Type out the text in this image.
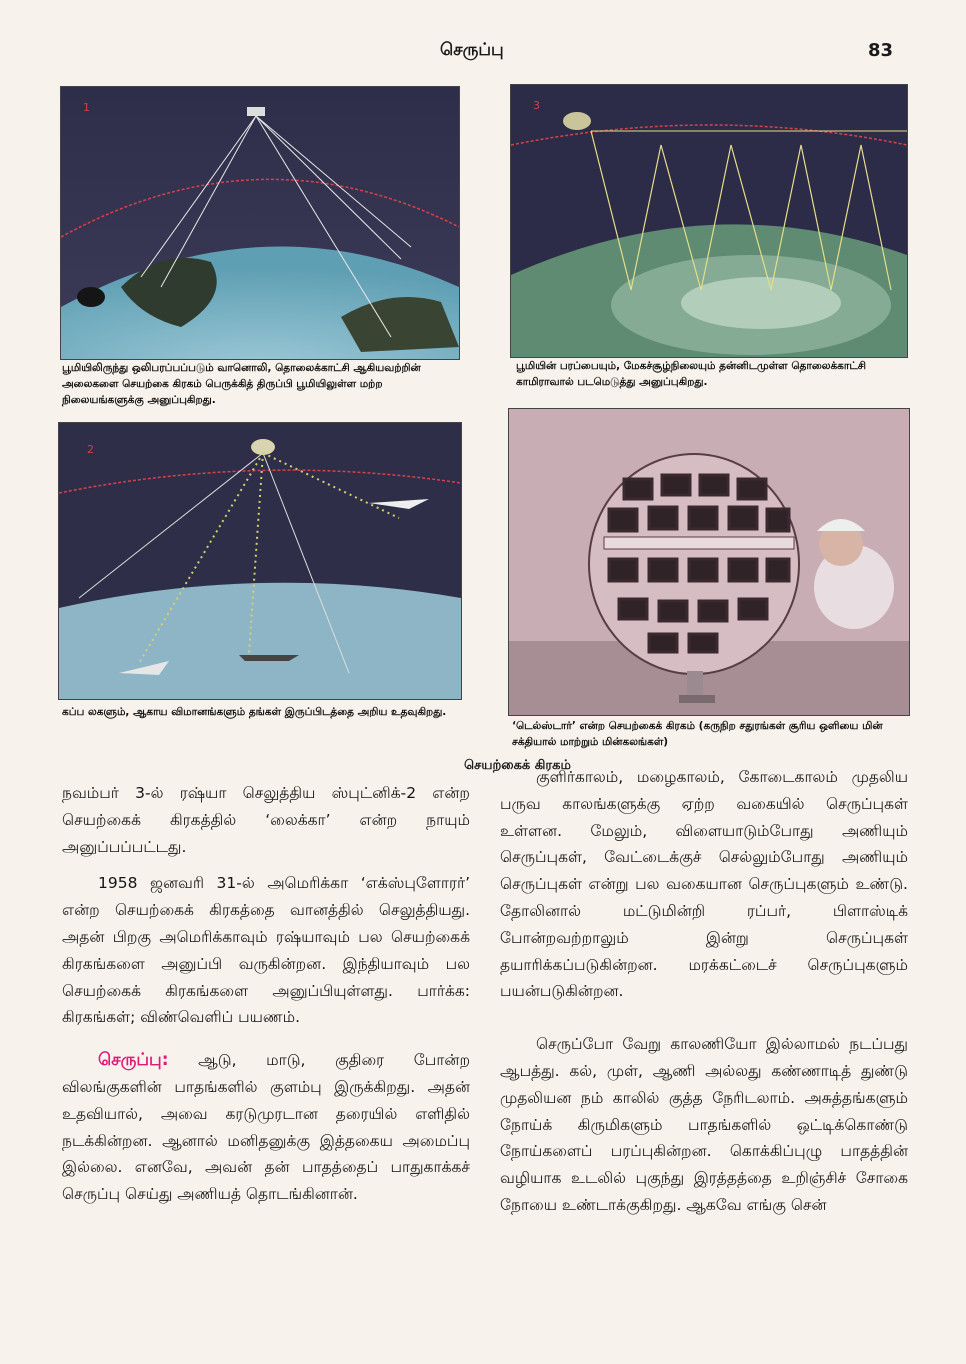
செருப்பு	83
1	3
பூமியிலிருந்து ஒலிபரப்பப்படும் வானொலி, தொலைக்காட்சி ஆகியவற்றின் அலைகளை செயற்கை கிரகம் பெருக்கித் திருப்பி பூமியிலுள்ள மற்ற நிலையங்களுக்கு அனுப்புகிறது.
பூமியின் பரப்பையும், மேகச்சூழ்நிலையும் தன்னிடமுள்ள தொலைக்காட்சி காமிராவால் படமெடுத்து அனுப்புகிறது.
2
கப்ப லகளும், ஆகாய விமானங்களும் தங்கள் இருப்பிடத்தை அறிய உதவுகிறது.
‘டெல்ஸ்டார்’ என்ற செயற்கைக் கிரகம் (கருநிற சதுரங்கள் சூரிய ஒளியை மின் சக்தியால் மாற்றும் மின்கலங்கள்)
செயற்கைக் கிரகம்

நவம்பர் 3-ல் ரஷ்யா செலுத்திய ஸ்புட்னிக்-2 என்ற செயற்கைக் கிரகத்தில் ‘லைக்கா’ என்ற நாயும் அனுப்பப்பட்டது.

1958 ஜனவரி 31-ல் அமெரிக்கா ‘எக்ஸ்புளோரர்’ என்ற செயற்கைக் கிரகத்தை வானத்தில் செலுத்தியது. அதன் பிறகு அமெரிக்காவும் ரஷ்யாவும் பல செயற்கைக் கிரகங்களை அனுப்பி வருகின்றன. இந்தியாவும் பல செயற்கைக் கிரகங்களை அனுப்பியுள்ளது. பார்க்க: கிரகங்கள்; விண்வெளிப் பயணம்.

செருப்பு: ஆடு, மாடு, குதிரை போன்ற விலங்குகளின் பாதங்களில் குளம்பு இருக்கிறது. அதன் உதவியால், அவை கரடுமுரடான தரையில் எளிதில் நடக்கின்றன. ஆனால் மனிதனுக்கு இத்தகைய அமைப்பு இல்லை. எனவே, அவன் தன் பாதத்தைப் பாதுகாக்கச் செருப்பு செய்து அணியத் தொடங்கினான்.

குளிர்காலம், மழைகாலம், கோடைகாலம் முதலிய பருவ காலங்களுக்கு ஏற்ற வகையில் செருப்புகள் உள்ளன. மேலும், விளையாடும்போது அணியும் செருப்புகள், வேட்டைக்குச் செல்லும்போது அணியும் செருப்புகள் என்று பல வகையான செருப்புகளும் உண்டு. தோலினால் மட்டுமின்றி ரப்பர், பிளாஸ்டிக் போன்றவற்றாலும் இன்று செருப்புகள் தயாரிக்கப்படுகின்றன. மரக்கட்டைச் செருப்புகளும் பயன்படுகின்றன.

செருப்போ வேறு காலணியோ இல்லாமல் நடப்பது ஆபத்து. கல், முள், ஆணி அல்லது கண்ணாடித் துண்டு முதலியன நம் காலில் குத்த நேரிடலாம். அசுத்தங்களும் நோய்க் கிருமிகளும் பாதங்களில் ஒட்டிக்கொண்டு நோய்களைப் பரப்புகின்றன. கொக்கிப்புழு பாதத்தின் வழியாக உடலில் புகுந்து இரத்தத்தை உறிஞ்சிச் சோகை நோயை உண்டாக்குகிறது. ஆகவே எங்கு சென்
